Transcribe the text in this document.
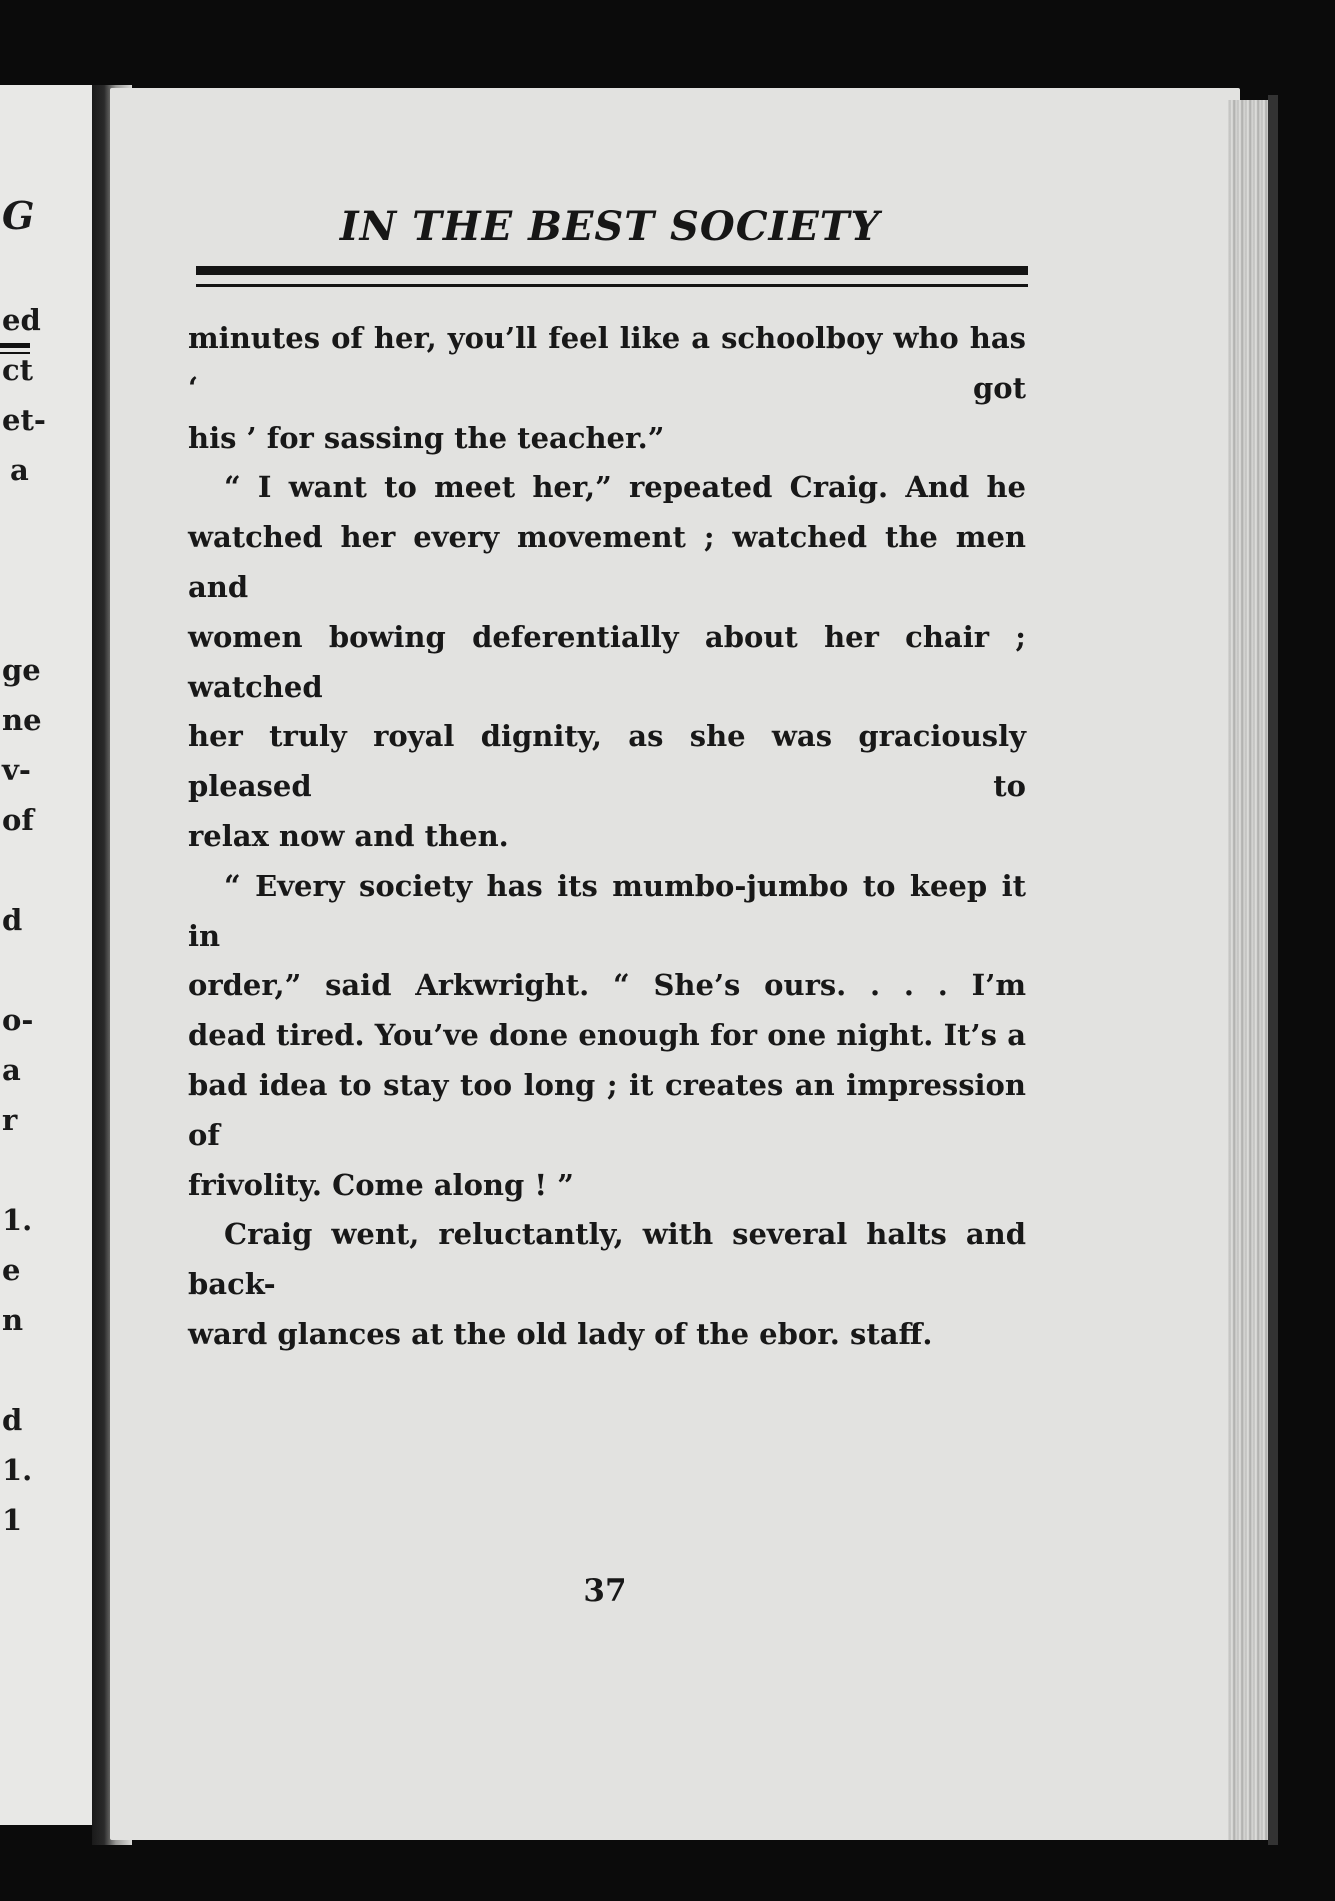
G
ed
ct
et-
a
ge
ne
v-
of
d
o-
a
r
1.
e
n
d
1.
1
IN THE BEST SOCIETY

minutes of her, you’ll feel like a schoolboy who has ‘ got

his ’ for sassing the teacher.”

“ I want to meet her,” repeated Craig. And he

watched her every movement ; watched the men and

women bowing deferentially about her chair ; watched

her truly royal dignity, as she was graciously pleased to

relax now and then.

“ Every society has its mumbo-jumbo to keep it in

order,” said Arkwright. “ She’s ours. . . . I’m

dead tired. You’ve done enough for one night. It’s a

bad idea to stay too long ; it creates an impression of

frivolity. Come along ! ”

Craig went, reluctantly, with several halts and back-

ward glances at the old lady of the ebor. staff.

37
